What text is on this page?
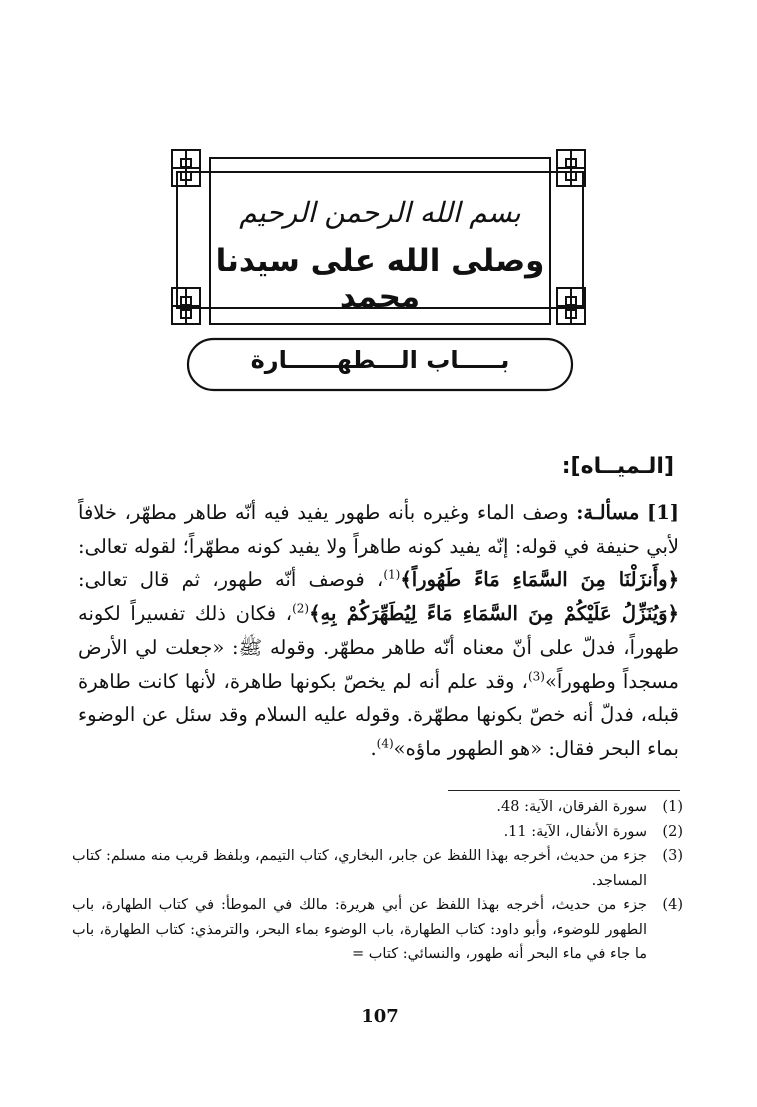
بسم الله الرحمن الرحيم
وصلى الله على سيدنا محمد
بـــــاب الـــطهــــــارة
[الـميــاه]:
[1] مسألـة: وصف الماء وغيره بأنه طهور يفيد فيه أنّه طاهر مطهّر، خلافاً لأبي حنيفة في قوله: إنّه يفيد كونه طاهراً ولا يفيد كونه مطهّراً؛ لقوله تعالى: ﴿وأَنزَلْنَا مِنَ السَّمَاءِ مَاءً طَهُوراً﴾$^{(1)}$، فوصف أنّه طهور، ثم قال تعالى: ﴿وَيُنَزِّلُ عَلَيْكُمْ مِنَ السَّمَاءِ مَاءً لِيُطَهِّرَكُمْ بِهِ﴾$^{(2)}$، فكان ذلك تفسيراً لكونه طهوراً، فدلّ على أنّ معناه أنّه طاهر مطهّر. وقوله ﷺ: «جعلت لي الأرض مسجداً وطهوراً»$^{(3)}$، وقد علم أنه لم يخصّ بكونها طاهرة، لأنها كانت طاهرة قبله، فدلّ أنه خصّ بكونها مطهّرة. وقوله عليه السلام وقد سئل عن الوضوء بماء البحر فقال: «هو الطهور ماؤه»$^{(4)}$.
(1)
سورة الفرقان، الآية: 48.
(2)
سورة الأنفال، الآية: 11.
(3)
جزء من حديث، أخرجه بهذا اللفظ عن جابر، البخاري، كتاب التيمم، وبلفظ قريب منه مسلم: كتاب المساجد.
(4)
جزء من حديث، أخرجه بهذا اللفظ عن أبي هريرة: مالك في الموطأ: في كتاب الطهارة، باب الطهور للوضوء، وأبو داود: كتاب الطهارة، باب الوضوء بماء البحر، والترمذي: كتاب الطهارة، باب ما جاء في ماء البحر أنه طهور، والنسائي: كتاب =
107
